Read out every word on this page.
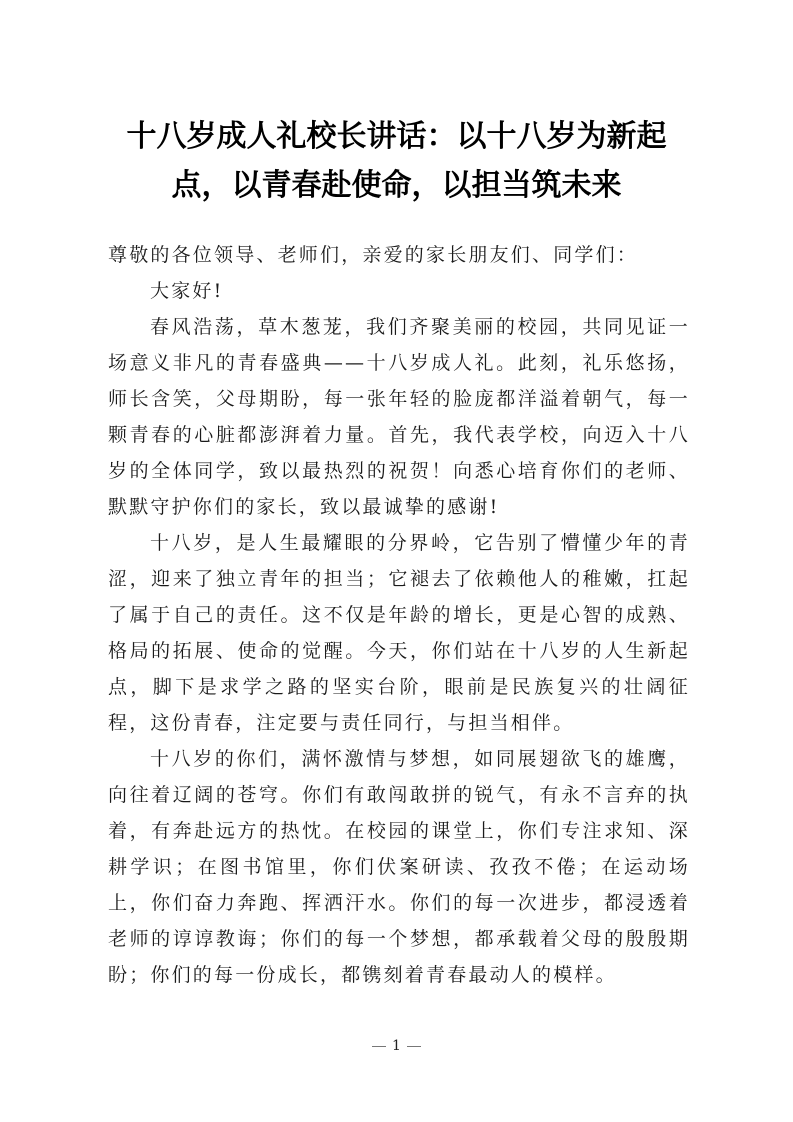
十八岁成人礼校长讲话：以十八岁为新起点，以青春赴使命，以担当筑未来

尊敬的各位领导、老师们，亲爱的家长朋友们、同学们：

大家好!

春风浩荡，草木葱茏，我们齐聚美丽的校园，共同见证一场意义非凡的青春盛典——十八岁成人礼。此刻，礼乐悠扬，师长含笑，父母期盼，每一张年轻的脸庞都洋溢着朝气，每一颗青春的心脏都澎湃着力量。首先，我代表学校，向迈入十八岁的全体同学，致以最热烈的祝贺！向悉心培育你们的老师、默默守护你们的家长，致以最诚挚的感谢!

十八岁，是人生最耀眼的分界岭，它告别了懵懂少年的青涩，迎来了独立青年的担当；它褪去了依赖他人的稚嫩，扛起了属于自己的责任。这不仅是年龄的增长，更是心智的成熟、格局的拓展、使命的觉醒。今天，你们站在十八岁的人生新起点，脚下是求学之路的坚实台阶，眼前是民族复兴的壮阔征程，这份青春，注定要与责任同行，与担当相伴。

十八岁的你们，满怀激情与梦想，如同展翅欲飞的雄鹰，向往着辽阔的苍穹。你们有敢闯敢拼的锐气，有永不言弃的执着，有奔赴远方的热忱。在校园的课堂上，你们专注求知、深耕学识；在图书馆里，你们伏案研读、孜孜不倦；在运动场上，你们奋力奔跑、挥洒汗水。你们的每一次进步，都浸透着老师的谆谆教诲；你们的每一个梦想，都承载着父母的殷殷期盼；你们的每一份成长，都镌刻着青春最动人的模样。

1
